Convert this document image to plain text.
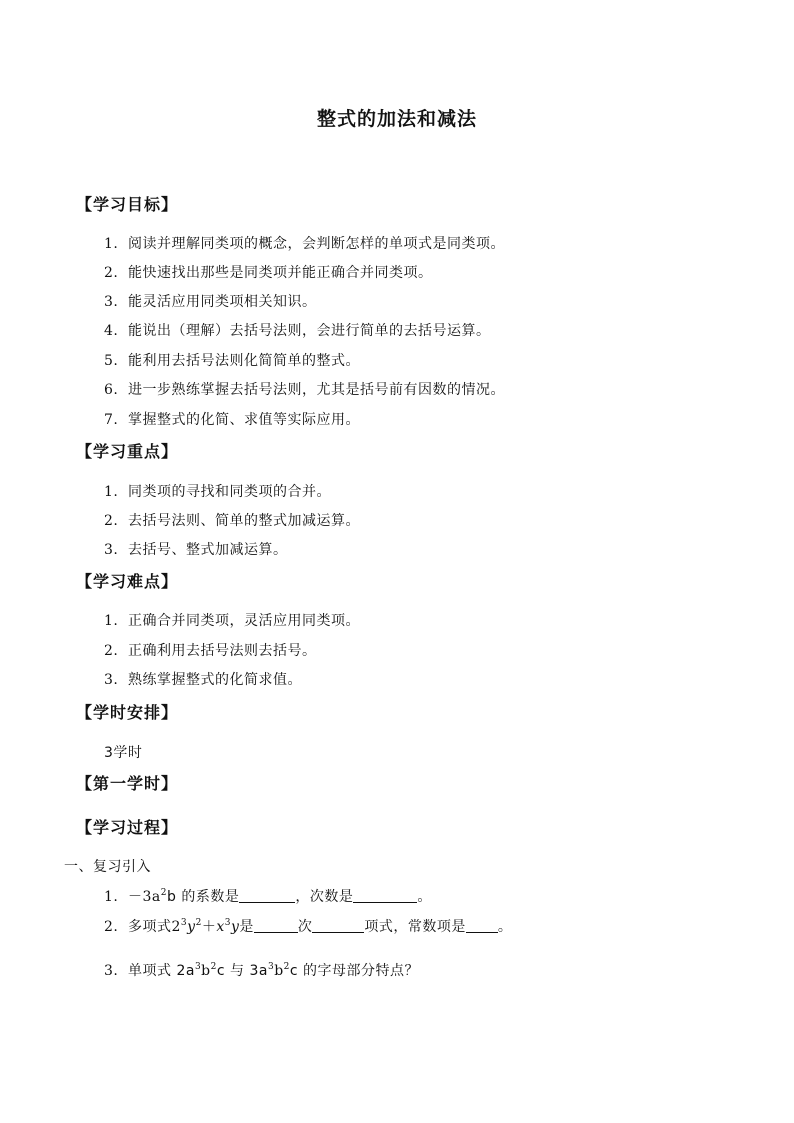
整式的加法和减法
【学习目标】
1. 阅读并理解同类项的概念，会判断怎样的单项式是同类项。
2. 能快速找出那些是同类项并能正确合并同类项。
3. 能灵活应用同类项相关知识。
4. 能说出（理解）去括号法则，会进行简单的去括号运算。
5. 能利用去括号法则化简简单的整式。
6. 进一步熟练掌握去括号法则，尤其是括号前有因数的情况。
7. 掌握整式的化简、求值等实际应用。
【学习重点】
1. 同类项的寻找和同类项的合并。
2. 去括号法则、简单的整式加减运算。
3. 去括号、整式加减运算。
【学习难点】
1. 正确合并同类项，灵活应用同类项。
2. 正确利用去括号法则去括号。
3. 熟练掌握整式的化简求值。
【学时安排】
3学时
【第一学时】
【学习过程】
一、复习引入
1. $-3a^2b$ 的系数是	，次数是	。
2. 多项式$2^3y^2+x^3y$是	次	项式，常数项是 。
3. 单项式 $2a^3b^2c$ 与 $3a^3b^2c$ 的字母部分特点？
